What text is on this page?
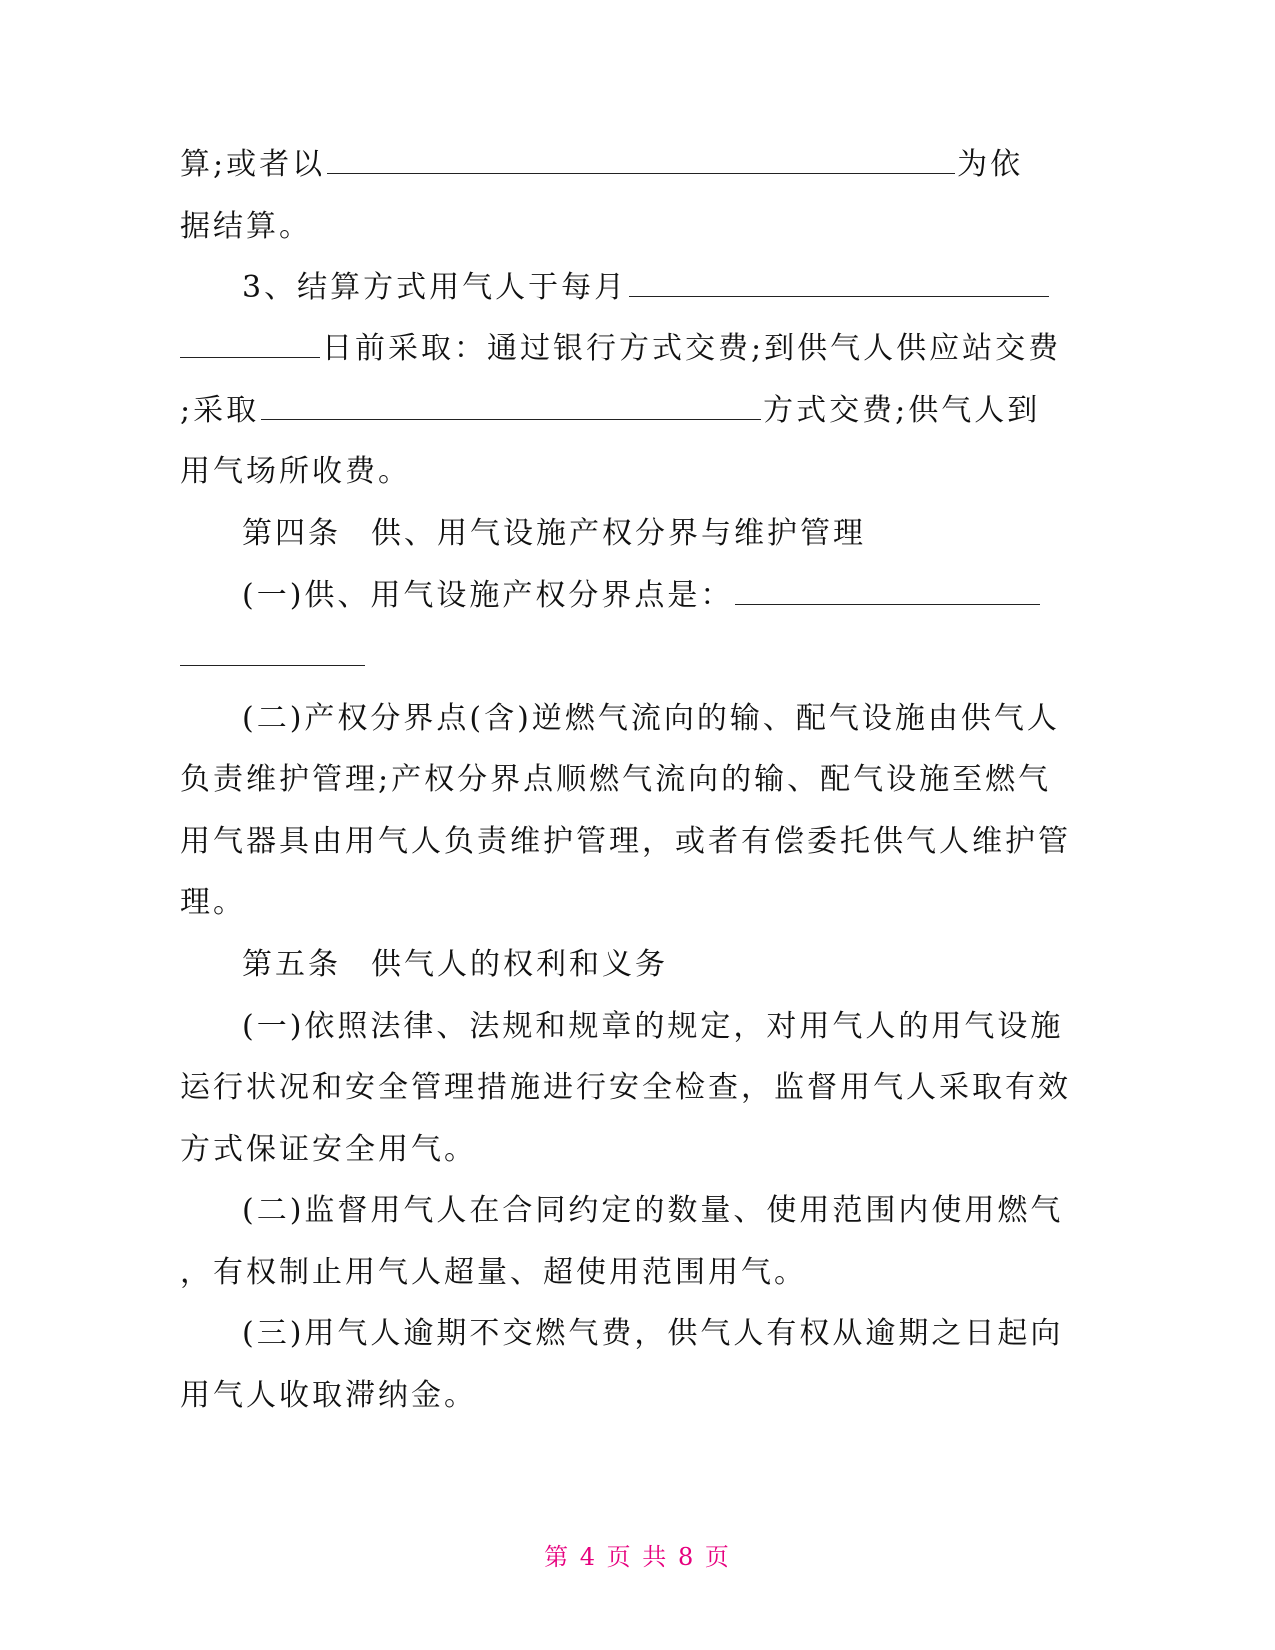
算;或者以	为依
据结算。
3、结算方式用气人于每月
日前采取：通过银行方式交费;到供气人供应站交费
;采取	方式交费;供气人到
用气场所收费。
第四条 供、用气设施产权分界与维护管理
(一)供、用气设施产权分界点是：
(二)产权分界点(含)逆燃气流向的输、配气设施由供气人
负责维护管理;产权分界点顺燃气流向的输、配气设施至燃气
用气器具由用气人负责维护管理，或者有偿委托供气人维护管
理。
第五条 供气人的权利和义务
(一)依照法律、法规和规章的规定，对用气人的用气设施
运行状况和安全管理措施进行安全检查，监督用气人采取有效
方式保证安全用气。
(二)监督用气人在合同约定的数量、使用范围内使用燃气
，有权制止用气人超量、超使用范围用气。
(三)用气人逾期不交燃气费，供气人有权从逾期之日起向
用气人收取滞纳金。
第 4 页 共 8 页
